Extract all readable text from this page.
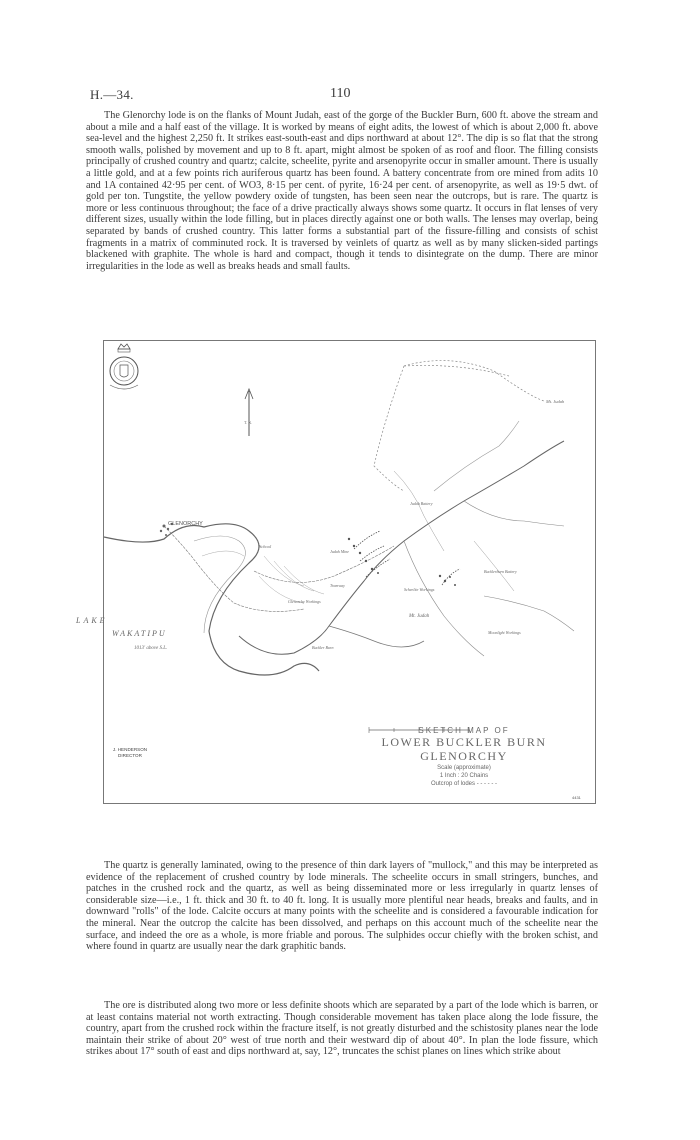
H.—34.	110

The Glenorchy lode is on the flanks of Mount Judah, east of the gorge of the Buckler Burn, 600 ft. above the stream and about a mile and a half east of the village. It is worked by means of eight adits, the lowest of which is about 2,000 ft. above sea-level and the highest 2,250 ft. It strikes east-south-east and dips northward at about 12°. The dip is so flat that the strong smooth walls, polished by movement and up to 8 ft. apart, might almost be spoken of as roof and floor. The filling consists principally of crushed country and quartz; calcite, scheelite, pyrite and arsenopyrite occur in smaller amount. There is usually a little gold, and at a few points rich auriferous quartz has been found. A battery concentrate from ore mined from adits 10 and 1A contained 42·95 per cent. of WO3, 8·15 per cent. of pyrite, 16·24 per cent. of arsenopyrite, as well as 19·5 dwt. of gold per ton. Tungstite, the yellow powdery oxide of tungsten, has been seen near the outcrops, but is rare. The quartz is more or less continuous throughout; the face of a drive practically always shows some quartz. It occurs in flat lenses of very different sizes, usually within the lode filling, but in places directly against one or both walls. The lenses may overlap, being separated by bands of crushed country. This latter forms a substantial part of the fissure-filling and consists of schist fragments in a matrix of comminuted rock. It is traversed by veinlets of quartz as well as by many slicken-sided partings blackened with graphite. The whole is hard and compact, though it tends to disintegrate on the dump. There are minor irregularities in the lode as well as breaks heads and small faults.

T. N.
GLENORCHY
Mt. Judah
Mt. Judah
School
Judah Battery
Bucklerburn Battery
Judah Mine
Scheelite Workings
Moonlight Workings
Glenorchy Workings
Tramway
Buckler Burn
LAKE
WAKATIPU
1013' above S.L.
4431
J. HENDERSON
DIRECTOR
SKETCH MAP OF
LOWER BUCKLER BURN
GLENORCHY
Scale (approximate)
1 Inch : 20 Chains
Outcrop of lodes - - - - - -

The quartz is generally laminated, owing to the presence of thin dark layers of "mullock," and this may be interpreted as evidence of the replacement of crushed country by lode minerals. The scheelite occurs in small stringers, bunches, and patches in the crushed rock and the quartz, as well as being disseminated more or less irregularly in quartz lenses of considerable size—i.e., 1 ft. thick and 30 ft. to 40 ft. long. It is usually more plentiful near heads, breaks and faults, and in downward "rolls" of the lode. Calcite occurs at many points with the scheelite and is considered a favourable indication for the mineral. Near the outcrop the calcite has been dissolved, and perhaps on this account much of the scheelite near the surface, and indeed the ore as a whole, is more friable and porous. The sulphides occur chiefly with the broken schist, and where found in quartz are usually near the dark graphitic bands.

The ore is distributed along two more or less definite shoots which are separated by a part of the lode which is barren, or at least contains material not worth extracting. Though considerable movement has taken place along the lode fissure, the country, apart from the crushed rock within the fracture itself, is not greatly disturbed and the schistosity planes near the lode maintain their strike of about 20° west of true north and their westward dip of about 40°. In plan the lode fissure, which strikes about 17° south of east and dips northward at, say, 12°, truncates the schist planes on lines which strike about
